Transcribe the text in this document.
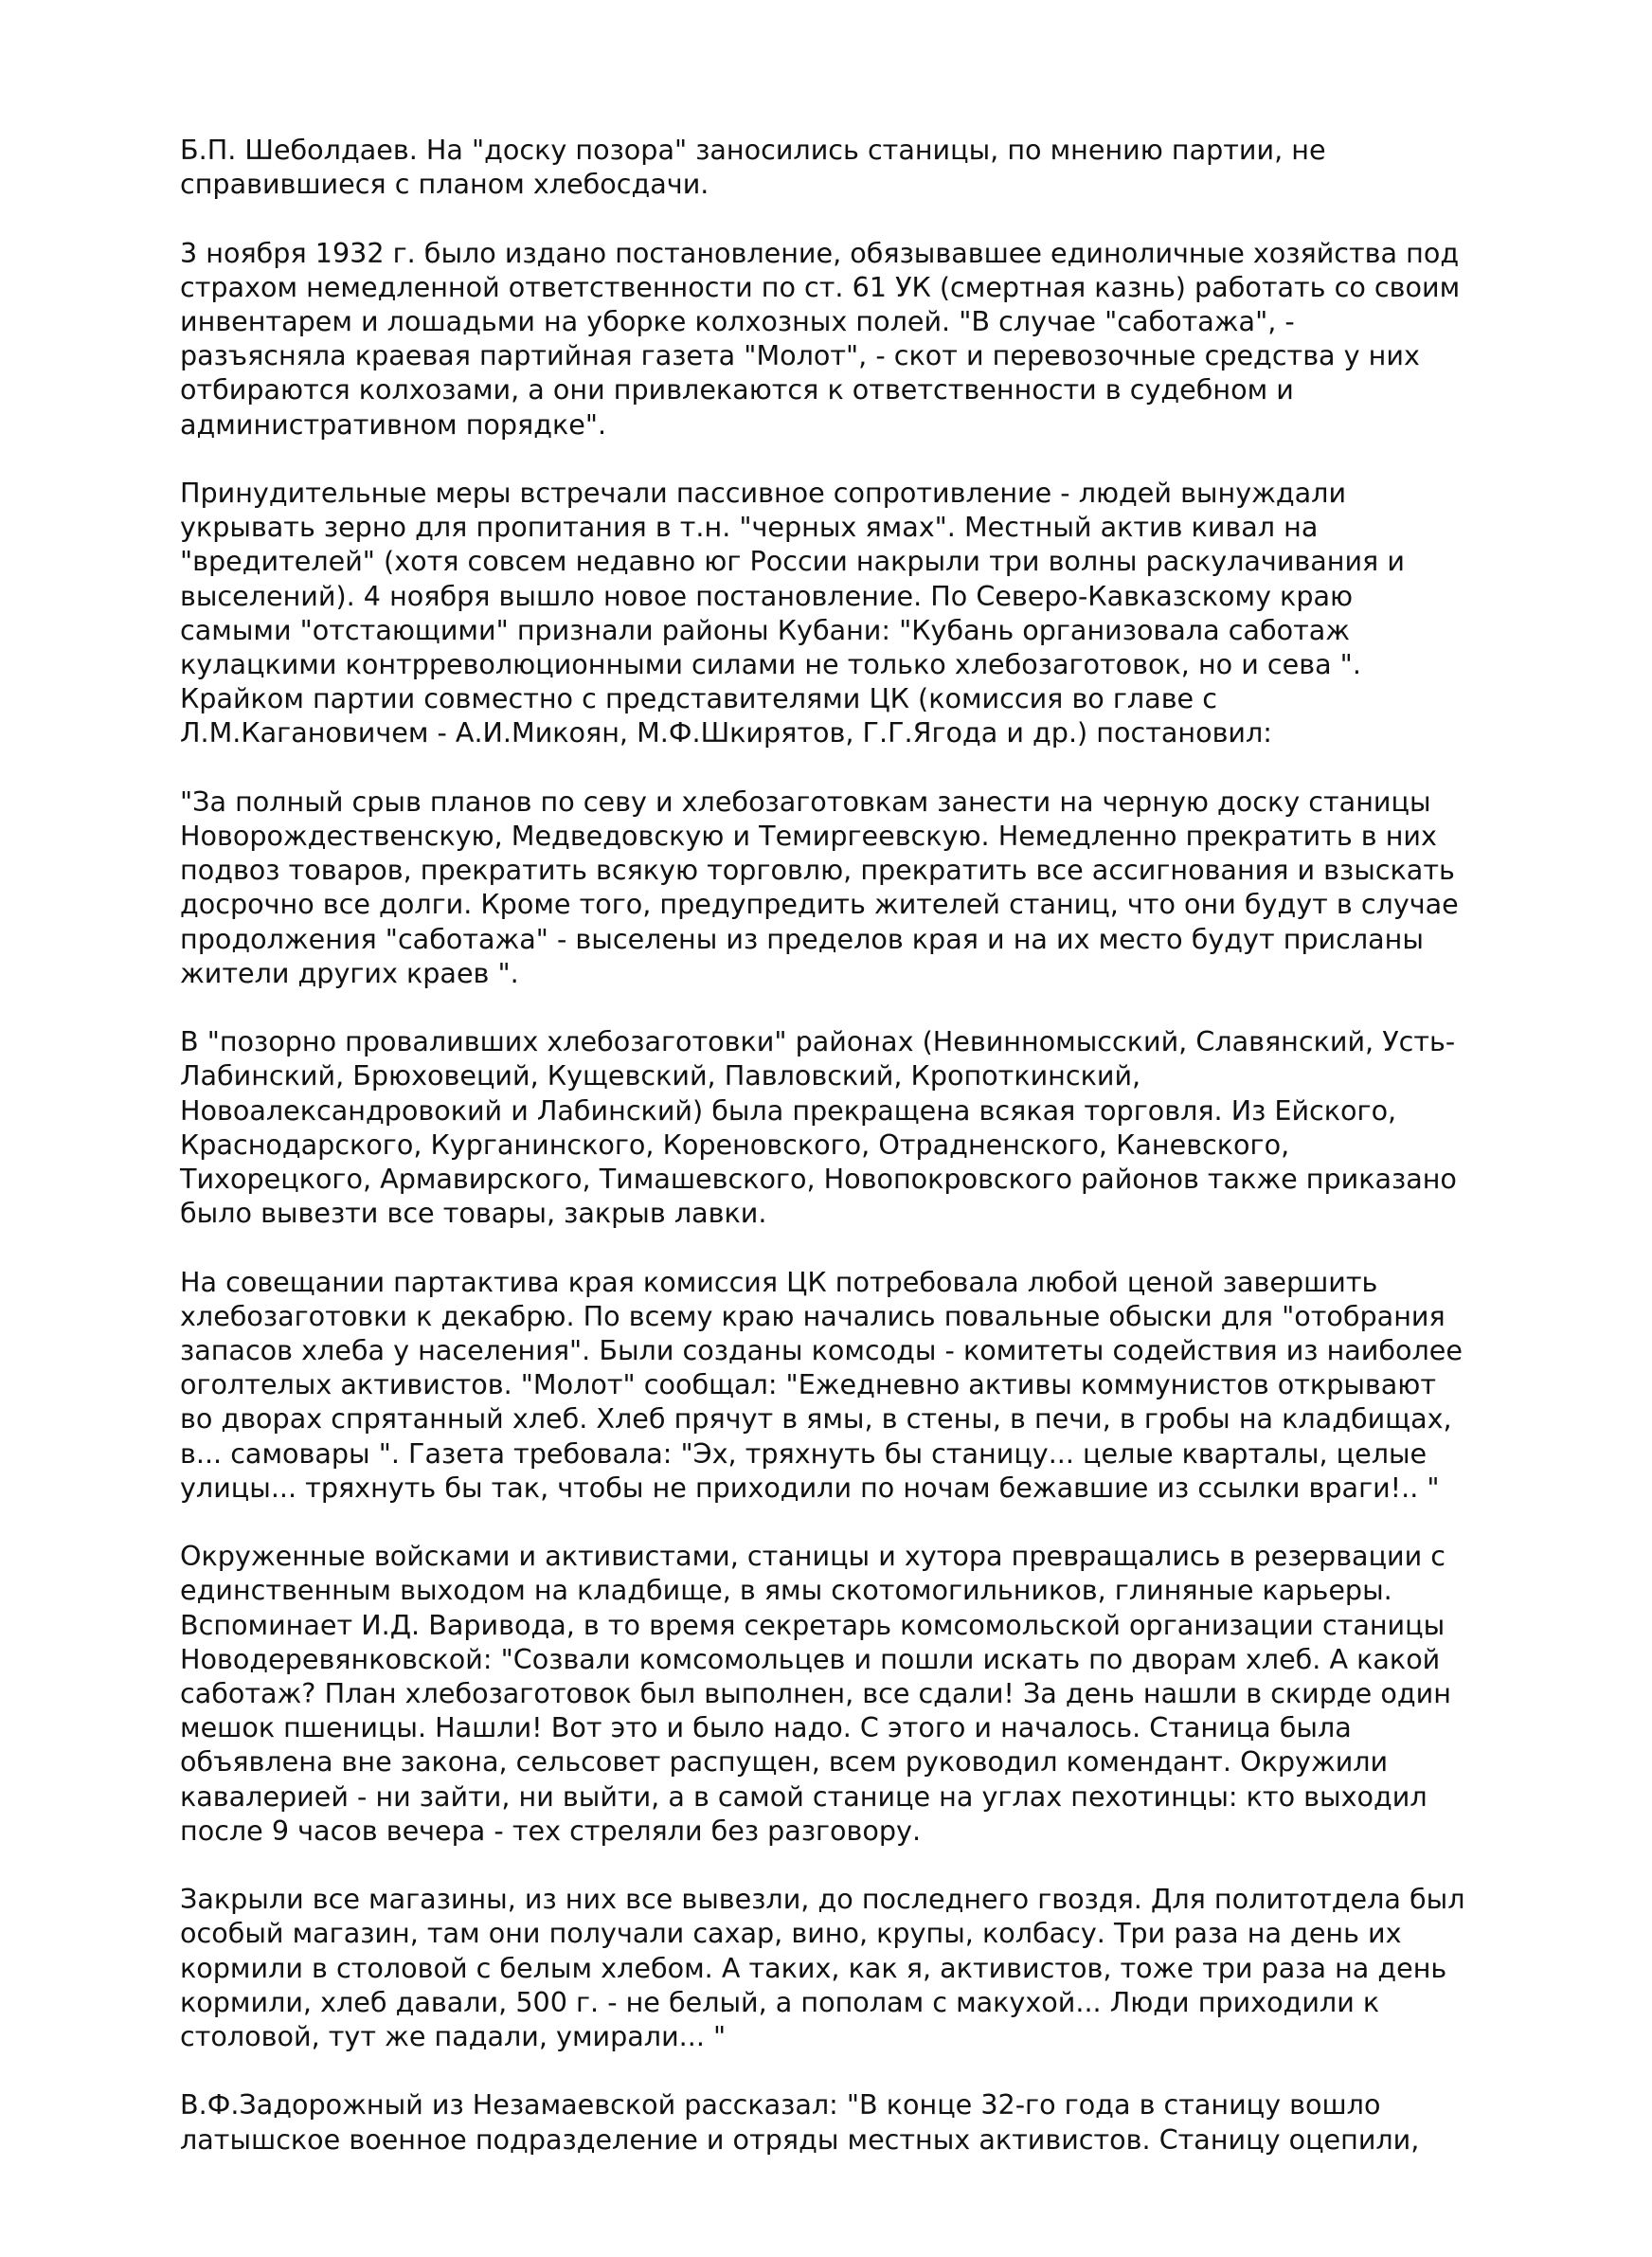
Б.П. Шеболдаев. На "доску позора" заносились станицы, по мнению партии, не
справившиеся с планом хлебосдачи.
3 ноября 1932 г. было издано постановление, обязывавшее единоличные хозяйства под
страхом немедленной ответственности по ст. 61 УК (смертная казнь) работать со своим
инвентарем и лошадьми на уборке колхозных полей. "В случае "саботажа", -
разъясняла краевая партийная газета "Молот", - скот и перевозочные средства у них
отбираются колхозами, а они привлекаются к ответственности в судебном и
административном порядке".
Принудительные меры встречали пассивное сопротивление - людей вынуждали
укрывать зерно для пропитания в т.н. "черных ямах". Местный актив кивал на
"вредителей" (хотя совсем недавно юг России накрыли три волны раскулачивания и
выселений). 4 ноября вышло новое постановление. По Северо-Кавказскому краю
самыми "отстающими" признали районы Кубани: "Кубань организовала саботаж
кулацкими контрреволюционными силами не только хлебозаготовок, но и сева ".
Крайком партии совместно с представителями ЦК (комиссия во главе с
Л.М.Кагановичем - А.И.Микоян, М.Ф.Шкирятов, Г.Г.Ягода и др.) постановил:
"За полный срыв планов по севу и хлебозаготовкам занести на черную доску станицы
Новорождественскую, Медведовскую и Темиргеевскую. Немедленно прекратить в них
подвоз товаров, прекратить всякую торговлю, прекратить все ассигнования и взыскать
досрочно все долги. Кроме того, предупредить жителей станиц, что они будут в случае
продолжения "саботажа" - выселены из пределов края и на их место будут присланы
жители других краев ".
В "позорно проваливших хлебозаготовки" районах (Невинномысский, Славянский, Усть-
Лабинский, Брюховеций, Кущевский, Павловский, Кропоткинский,
Новоалександровокий и Лабинский) была прекращена всякая торговля. Из Ейского,
Краснодарского, Курганинского, Кореновского, Отрадненского, Каневского,
Тихорецкого, Армавирского, Тимашевского, Новопокровского районов также приказано
было вывезти все товары, закрыв лавки.
На совещании партактива края комиссия ЦК потребовала любой ценой завершить
хлебозаготовки к декабрю. По всему краю начались повальные обыски для "отобрания
запасов хлеба у населения". Были созданы комсоды - комитеты содействия из наиболее
оголтелых активистов. "Молот" сообщал: "Ежедневно активы коммунистов открывают
во дворах спрятанный хлеб. Хлеб прячут в ямы, в стены, в печи, в гробы на кладбищах,
в... самовары ". Газета требовала: "Эх, тряхнуть бы станицу... целые кварталы, целые
улицы... тряхнуть бы так, чтобы не приходили по ночам бежавшие из ссылки враги!.. "
Окруженные войсками и активистами, станицы и хутора превращались в резервации с
единственным выходом на кладбище, в ямы скотомогильников, глиняные карьеры.
Вспоминает И.Д. Варивода, в то время секретарь комсомольской организации станицы
Новодеревянковской: "Созвали комсомольцев и пошли искать по дворам хлеб. А какой
саботаж? План хлебозаготовок был выполнен, все сдали! За день нашли в скирде один
мешок пшеницы. Нашли! Вот это и было надо. С этого и началось. Станица была
объявлена вне закона, сельсовет распущен, всем руководил комендант. Окружили
кавалерией - ни зайти, ни выйти, а в самой станице на углах пехотинцы: кто выходил
после 9 часов вечера - тех стреляли без разговору.
Закрыли все магазины, из них все вывезли, до последнего гвоздя. Для политотдела был
особый магазин, там они получали сахар, вино, крупы, колбасу. Три раза на день их
кормили в столовой с белым хлебом. А таких, как я, активистов, тоже три раза на день
кормили, хлеб давали, 500 г. - не белый, а пополам с макухой... Люди приходили к
столовой, тут же падали, умирали... "
В.Ф.Задорожный из Незамаевской рассказал: "В конце 32-го года в станицу вошло
латышское военное подразделение и отряды местных активистов. Станицу оцепили,
